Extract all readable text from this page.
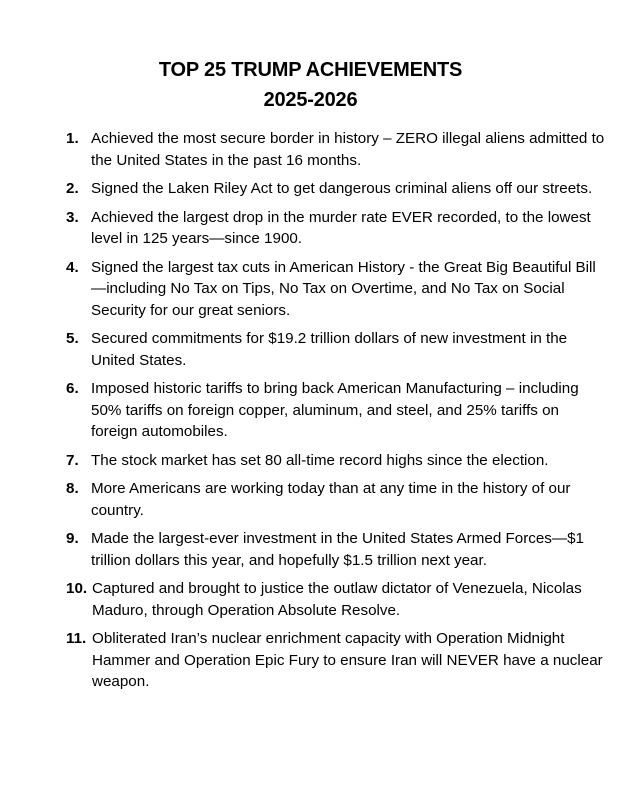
TOP 25 TRUMP ACHIEVEMENTS
2025-2026
1. Achieved the most secure border in history – ZERO illegal aliens admitted to the United States in the past 16 months.
2. Signed the Laken Riley Act to get dangerous criminal aliens off our streets.
3. Achieved the largest drop in the murder rate EVER recorded, to the lowest level in 125 years—since 1900.
4. Signed the largest tax cuts in American History - the Great Big Beautiful Bill—including No Tax on Tips, No Tax on Overtime, and No Tax on Social Security for our great seniors.
5. Secured commitments for $19.2 trillion dollars of new investment in the United States.
6. Imposed historic tariffs to bring back American Manufacturing – including 50% tariffs on foreign copper, aluminum, and steel, and 25% tariffs on foreign automobiles.
7. The stock market has set 80 all-time record highs since the election.
8. More Americans are working today than at any time in the history of our country.
9. Made the largest-ever investment in the United States Armed Forces—$1 trillion dollars this year, and hopefully $1.5 trillion next year.
10. Captured and brought to justice the outlaw dictator of Venezuela, Nicolas Maduro, through Operation Absolute Resolve.
11. Obliterated Iran’s nuclear enrichment capacity with Operation Midnight Hammer and Operation Epic Fury to ensure Iran will NEVER have a nuclear weapon.
